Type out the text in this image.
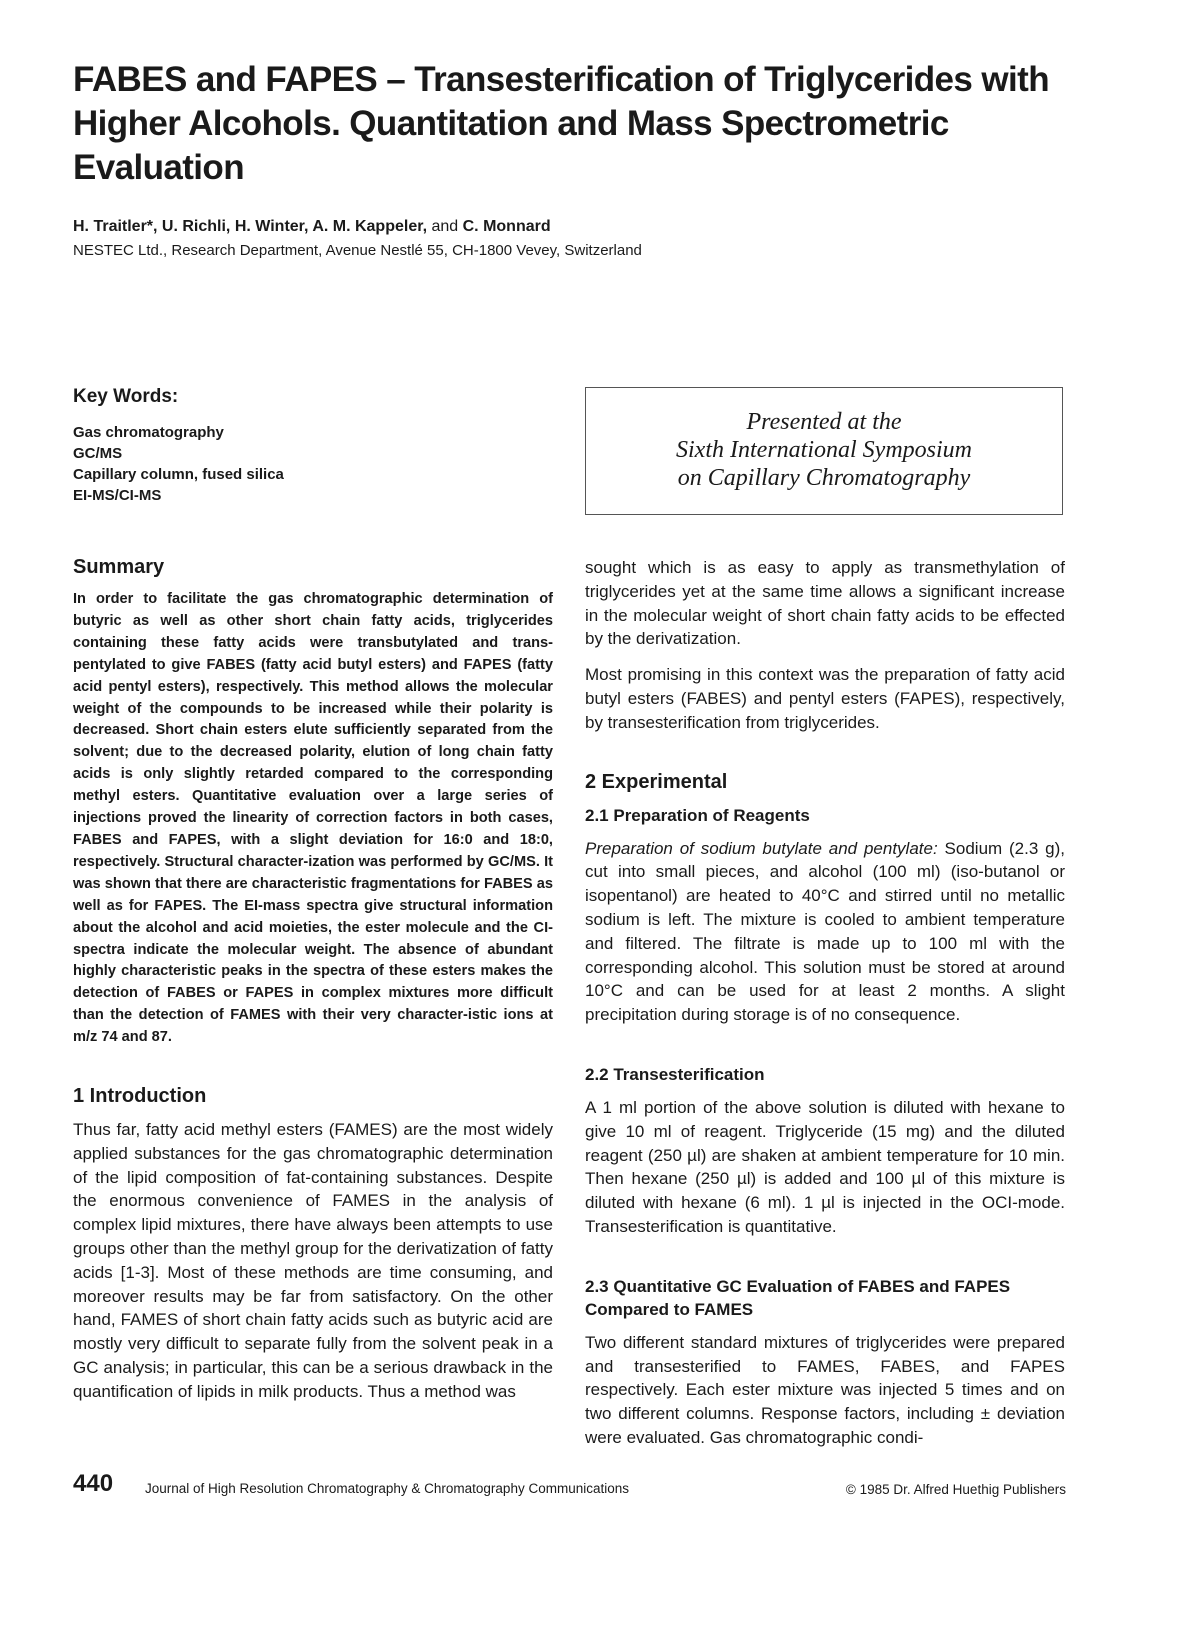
FABES and FAPES – Transesterification of Triglycerides with Higher Alcohols. Quantitation and Mass Spectrometric Evaluation
H. Traitler*, U. Richli, H. Winter, A. M. Kappeler, and C. Monnard
NESTEC Ltd., Research Department, Avenue Nestlé 55, CH-1800 Vevey, Switzerland
Key Words:
Gas chromatography
GC/MS
Capillary column, fused silica
EI-MS/CI-MS
Presented at the
Sixth International Symposium
on Capillary Chromatography
Summary

In order to facilitate the gas chromatographic determination of butyric as well as other short chain fatty acids, triglycerides containing these fatty acids were transbutylated and trans-pentylated to give FABES (fatty acid butyl esters) and FAPES (fatty acid pentyl esters), respectively. This method allows the molecular weight of the compounds to be increased while their polarity is decreased. Short chain esters elute sufficiently separated from the solvent; due to the decreased polarity, elution of long chain fatty acids is only slightly retarded compared to the corresponding methyl esters. Quantitative evaluation over a large series of injections proved the linearity of correction factors in both cases, FABES and FAPES, with a slight deviation for 16:0 and 18:0, respectively. Structural character-ization was performed by GC/MS. It was shown that there are characteristic fragmentations for FABES as well as for FAPES. The EI-mass spectra give structural information about the alcohol and acid moieties, the ester molecule and the CI-spectra indicate the molecular weight. The absence of abundant highly characteristic peaks in the spectra of these esters makes the detection of FABES or FAPES in complex mixtures more difficult than the detection of FAMES with their very character-istic ions at m/z 74 and 87.

1 Introduction

Thus far, fatty acid methyl esters (FAMES) are the most widely applied substances for the gas chromatographic determination of the lipid composition of fat-containing substances. Despite the enormous convenience of FAMES in the analysis of complex lipid mixtures, there have always been attempts to use groups other than the methyl group for the derivatization of fatty acids [1-3]. Most of these methods are time consuming, and moreover results may be far from satisfactory. On the other hand, FAMES of short chain fatty acids such as butyric acid are mostly very difficult to separate fully from the solvent peak in a GC analysis; in particular, this can be a serious drawback in the quantification of lipids in milk products. Thus a method was

sought which is as easy to apply as transmethylation of triglycerides yet at the same time allows a significant increase in the molecular weight of short chain fatty acids to be effected by the derivatization.

Most promising in this context was the preparation of fatty acid butyl esters (FABES) and pentyl esters (FAPES), respectively, by transesterification from triglycerides.

2 Experimental
2.1 Preparation of Reagents

Preparation of sodium butylate and pentylate: Sodium (2.3 g), cut into small pieces, and alcohol (100 ml) (iso-butanol or isopentanol) are heated to 40°C and stirred until no metallic sodium is left. The mixture is cooled to ambient temperature and filtered. The filtrate is made up to 100 ml with the corresponding alcohol. This solution must be stored at around 10°C and can be used for at least 2 months. A slight precipitation during storage is of no consequence.

2.2 Transesterification

A 1 ml portion of the above solution is diluted with hexane to give 10 ml of reagent. Triglyceride (15 mg) and the diluted reagent (250 µl) are shaken at ambient temperature for 10 min. Then hexane (250 µl) is added and 100 µl of this mixture is diluted with hexane (6 ml). 1 µl is injected in the OCI-mode. Transesterification is quantitative.

2.3 Quantitative GC Evaluation of FABES and FAPES Compared to FAMES

Two different standard mixtures of triglycerides were prepared and transesterified to FAMES, FABES, and FAPES respectively. Each ester mixture was injected 5 times and on two different columns. Response factors, including ± deviation were evaluated. Gas chromatographic condi-

440 Journal of High Resolution Chromatography & Chromatography Communications	© 1985 Dr. Alfred Huethig Publishers
